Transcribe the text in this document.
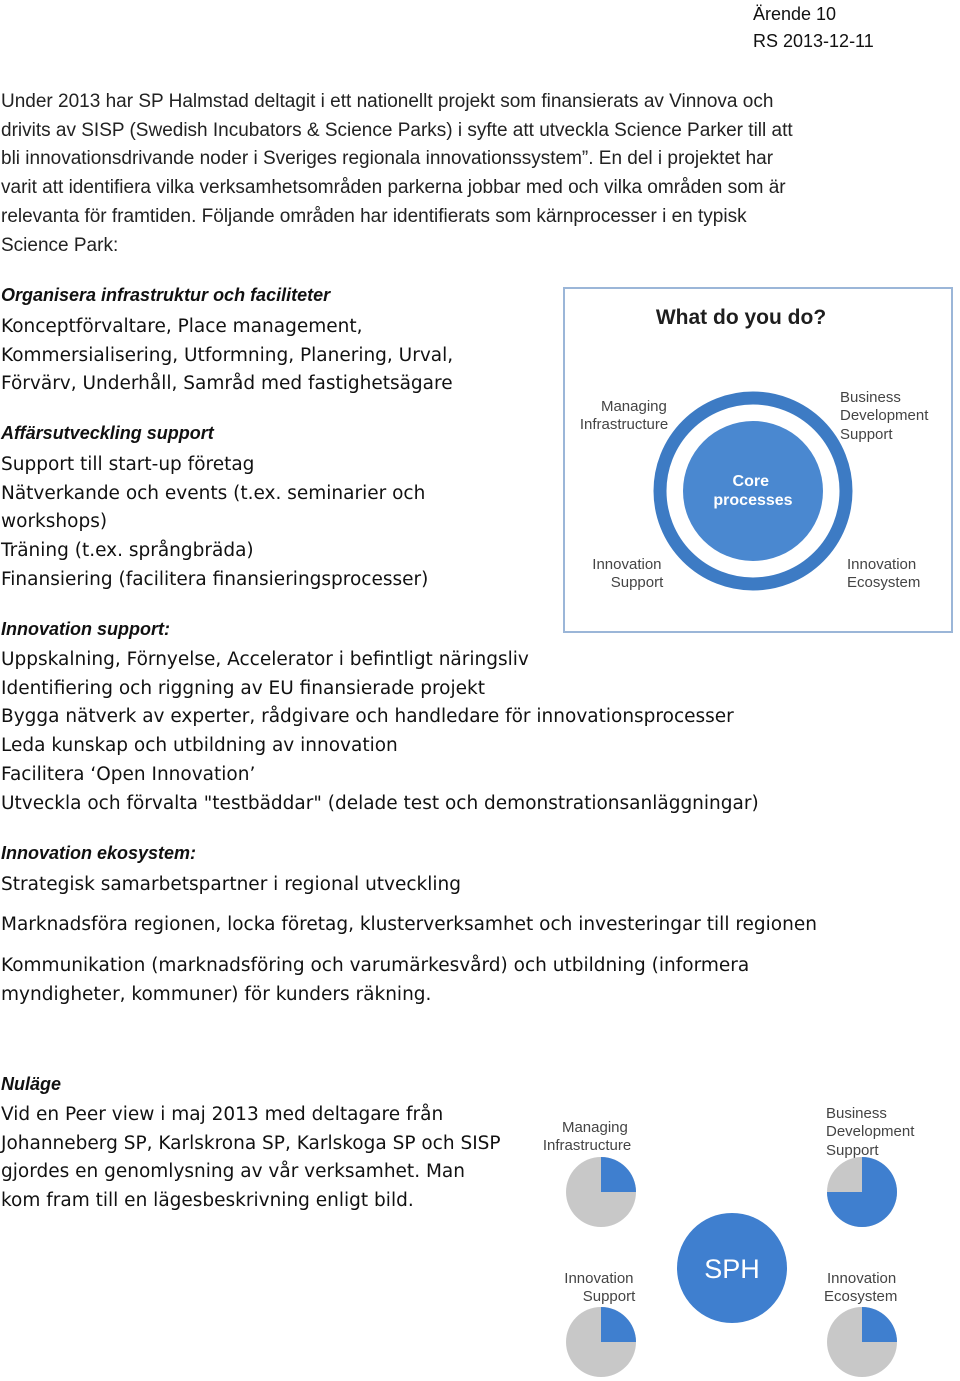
Ärende 10
RS 2013-12-11
Under 2013 har SP Halmstad deltagit i ett nationellt projekt som finansierats av Vinnova och
drivits av SISP (Swedish Incubators & Science Parks) i syfte att utveckla Science Parker till att
bli innovationsdrivande noder i Sveriges regionala innovationssystem”. En del i projektet har
varit att identifiera vilka verksamhetsområden parkerna jobbar med och vilka områden som är
relevanta för framtiden. Följande områden har identifierats som kärnprocesser i en typisk
Science Park:
Organisera infrastruktur och faciliteter
Konceptförvaltare, Place management,
Kommersialisering, Utformning, Planering, Urval,
Förvärv, Underhåll, Samråd med fastighetsägare
Affärsutveckling support
Support till start-up företag
Nätverkande och events (t.ex. seminarier och
workshops)
Träning (t.ex. språngbräda)
Finansiering (facilitera finansieringsprocesser)
Innovation support:
Uppskalning, Förnyelse, Accelerator i befintligt näringsliv
Identifiering och riggning av EU finansierade projekt
Bygga nätverk av experter, rådgivare och handledare för innovationsprocesser
Leda kunskap och utbildning av innovation
Facilitera ‘Open Innovation’
Utveckla och förvalta "testbäddar" (delade test och demonstrationsanläggningar)
Innovation ekosystem:
Strategisk samarbetspartner i regional utveckling
Marknadsföra regionen, locka företag, klusterverksamhet och investeringar till regionen
Kommunikation (marknadsföring och varumärkesvård) och utbildning (informera
myndigheter, kommuner) för kunders räkning.
Nuläge
Vid en Peer view i maj 2013 med deltagare från
Johanneberg SP, Karlskrona SP, Karlskoga SP och SISP
gjordes en genomlysning av vår verksamhet. Man
kom fram till en lägesbeskrivning enligt bild.
What do you do?
Core processes
Managing Infrastructure
Business Development Support
Innovation Support
Innovation Ecosystem
SPH
Managing Infrastructure
Business Development Support
Innovation Support
Innovation Ecosystem
